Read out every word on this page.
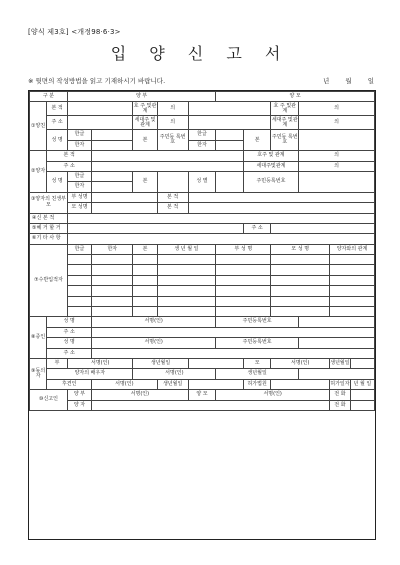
[양식 제3호] <개정98·6·3>
입 양 신 고 서
※ 뒷면의 작성방법을 읽고 기재하시기 바랍니다.	년 월 일
구 분		양 부					양 모					
①양친	본 적			호 주 및관계	의				호 주 및관계	의		
	주 소			세대주 및관계	의				세대주 및관계	의		
	성 명	한글		본	주민등 록번호	한글		본	주민등 록번호			
		한자				한자						
②양자	본 적							호주 및 관계		의		
	주 소							세대주및관계		의		
	성 명	한글		본		성 별		주민등록번호				
		한자										
③양자의 친생부모		부 성명			본 적							
		모 성명			본 적							
④신 본 적												
⑤혜 거 할 거								주 소				
⑥기 타 사 항												
⑦수반입적자		한글	한자	본	생 년 월 일		부 성 명		모 성 명		양자와의 관계	

⑧증인	성 명		서명(인)				주민등록번호					
	주 소											
	성 명		서명(인)				주민등록번호					
	주 소											
⑨동의자	부	서명(인)		생년월일				모	서명(인)		생년월일	
	양자의 배우자			서명(인)			생년월일					
	후견인		서명(인)		생년월일			허가법원			허가일자	년 월 일
⑩신고인		양 부	서명(인)			양 모	서명(인)				전 화	
		양 자									전 화	
